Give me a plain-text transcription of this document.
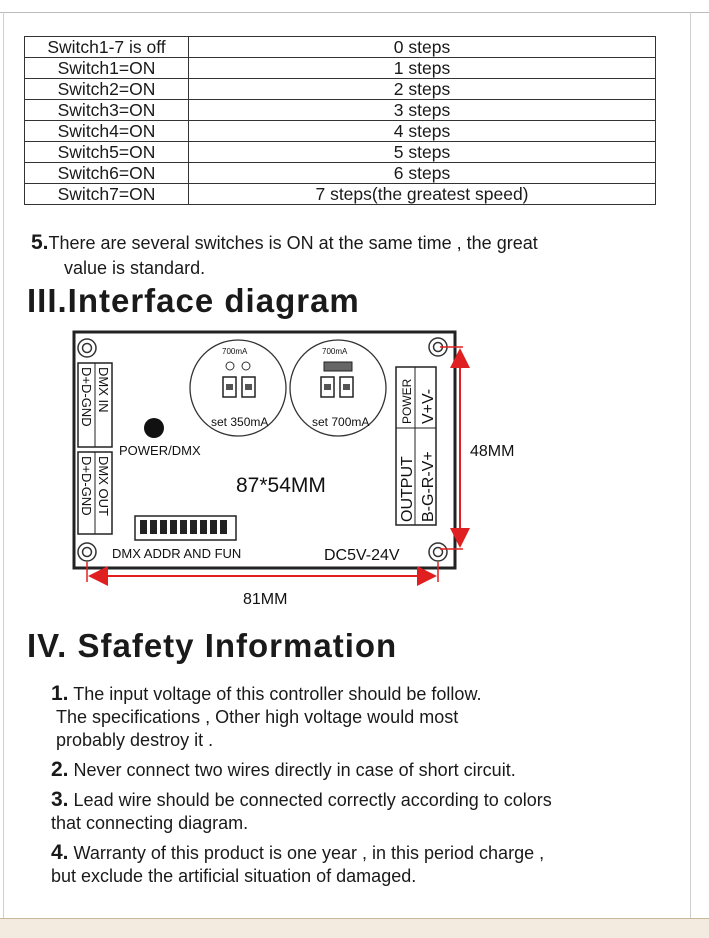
Switch1-7 is off	0 steps
Switch1=ON	1 steps
Switch2=ON	2 steps
Switch3=ON	3 steps
Switch4=ON	4 steps
Switch5=ON	5 steps
Switch6=ON	6 steps
Switch7=ON	7 steps(the greatest speed)
5.There are several switches is ON at the same time , the great
value is standard.
III.Interface diagram
DMX IN
D+D-GND
DMX OUT
D+D-GND
POWER/DMX
700mA
set 350mA
700mA
set 700mA
87*54MM
DMX ADDR AND FUN	DC5V-24V
POWER V+V-
OUTPUT B-G-R-V+ 48MM
81MM
IV. Sfafety Information
1. The input voltage of this controller should be follow.
The specifications , Other high voltage would most
probably destroy it .
2. Never connect two wires directly in case of short circuit.
3. Lead wire should be connected correctly according to colors
that connecting diagram.
4. Warranty of this product is one year , in this period charge ,
but exclude the artificial situation of damaged.
